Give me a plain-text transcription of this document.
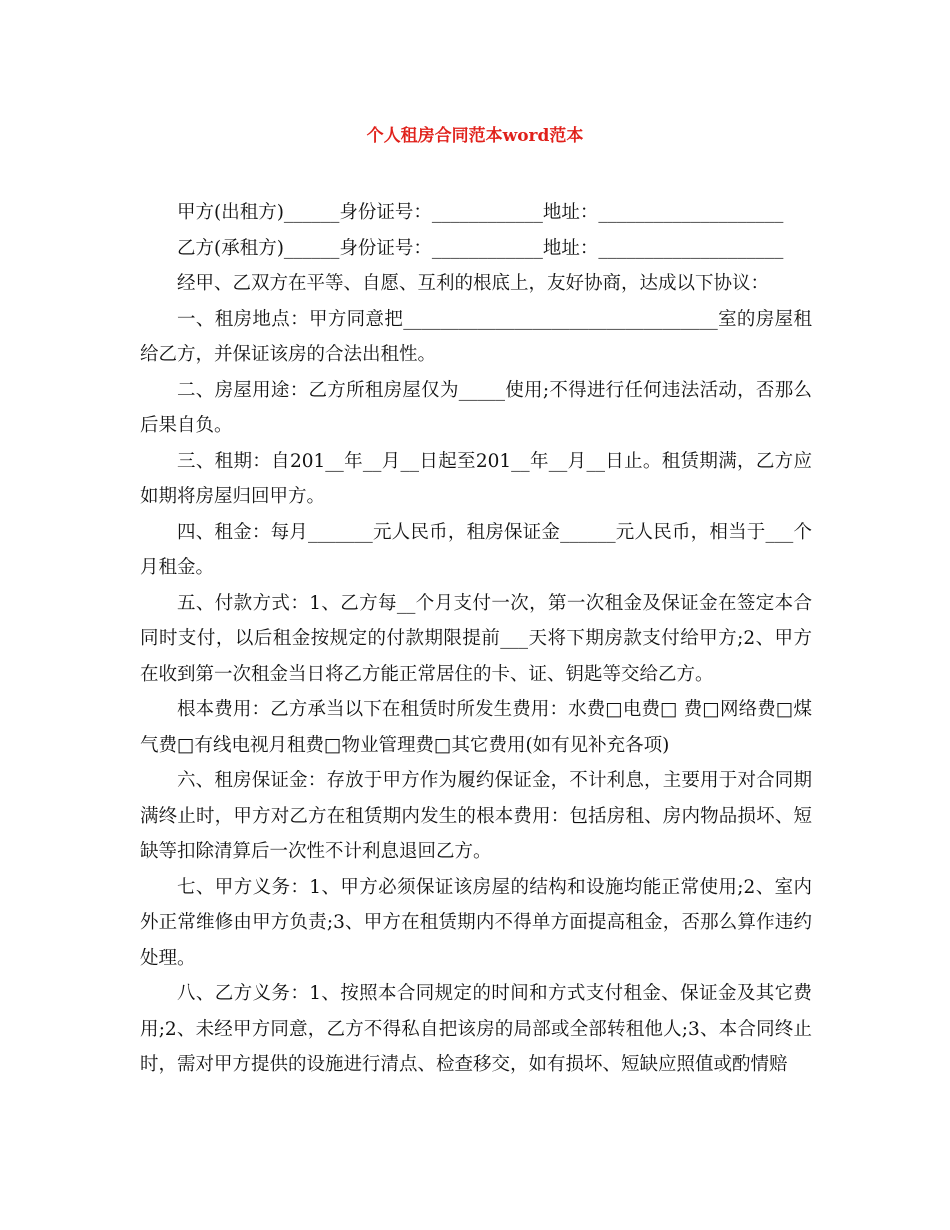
个人租房合同范本word范本

甲方(出租方)______身份证号：____________地址：____________________

乙方(承租方)______身份证号：____________地址：____________________

经甲、乙双方在平等、自愿、互利的根底上，友好协商，达成以下协议：

一、租房地点：甲方同意把__________________________________室的房屋租给乙方，并保证该房的合法出租性。

二、房屋用途：乙方所租房屋仅为_____使用;不得进行任何违法活动，否那么后果自负。

三、租期：自201__年__月__日起至201__年__月__日止。租赁期满，乙方应如期将房屋归回甲方。

四、租金：每月_______元人民币，租房保证金______元人民币，相当于___个月租金。

五、付款方式：1、乙方每__个月支付一次，第一次租金及保证金在签定本合同时支付，以后租金按规定的付款期限提前___天将下期房款支付给甲方;2、甲方在收到第一次租金当日将乙方能正常居住的卡、证、钥匙等交给乙方。

根本费用：乙方承当以下在租赁时所发生费用：水费□电费□ 费□网络费□煤气费□有线电视月租费□物业管理费□其它费用(如有见补充各项)

六、租房保证金：存放于甲方作为履约保证金，不计利息，主要用于对合同期满终止时，甲方对乙方在租赁期内发生的根本费用：包括房租、房内物品损坏、短缺等扣除清算后一次性不计利息退回乙方。

七、甲方义务：1、甲方必须保证该房屋的结构和设施均能正常使用;2、室内外正常维修由甲方负责;3、甲方在租赁期内不得单方面提高租金，否那么算作违约处理。

八、乙方义务：1、按照本合同规定的时间和方式支付租金、保证金及其它费用;2、未经甲方同意，乙方不得私自把该房的局部或全部转租他人;3、本合同终止时，需对甲方提供的设施进行清点、检查移交，如有损坏、短缺应照值或酌情赔
